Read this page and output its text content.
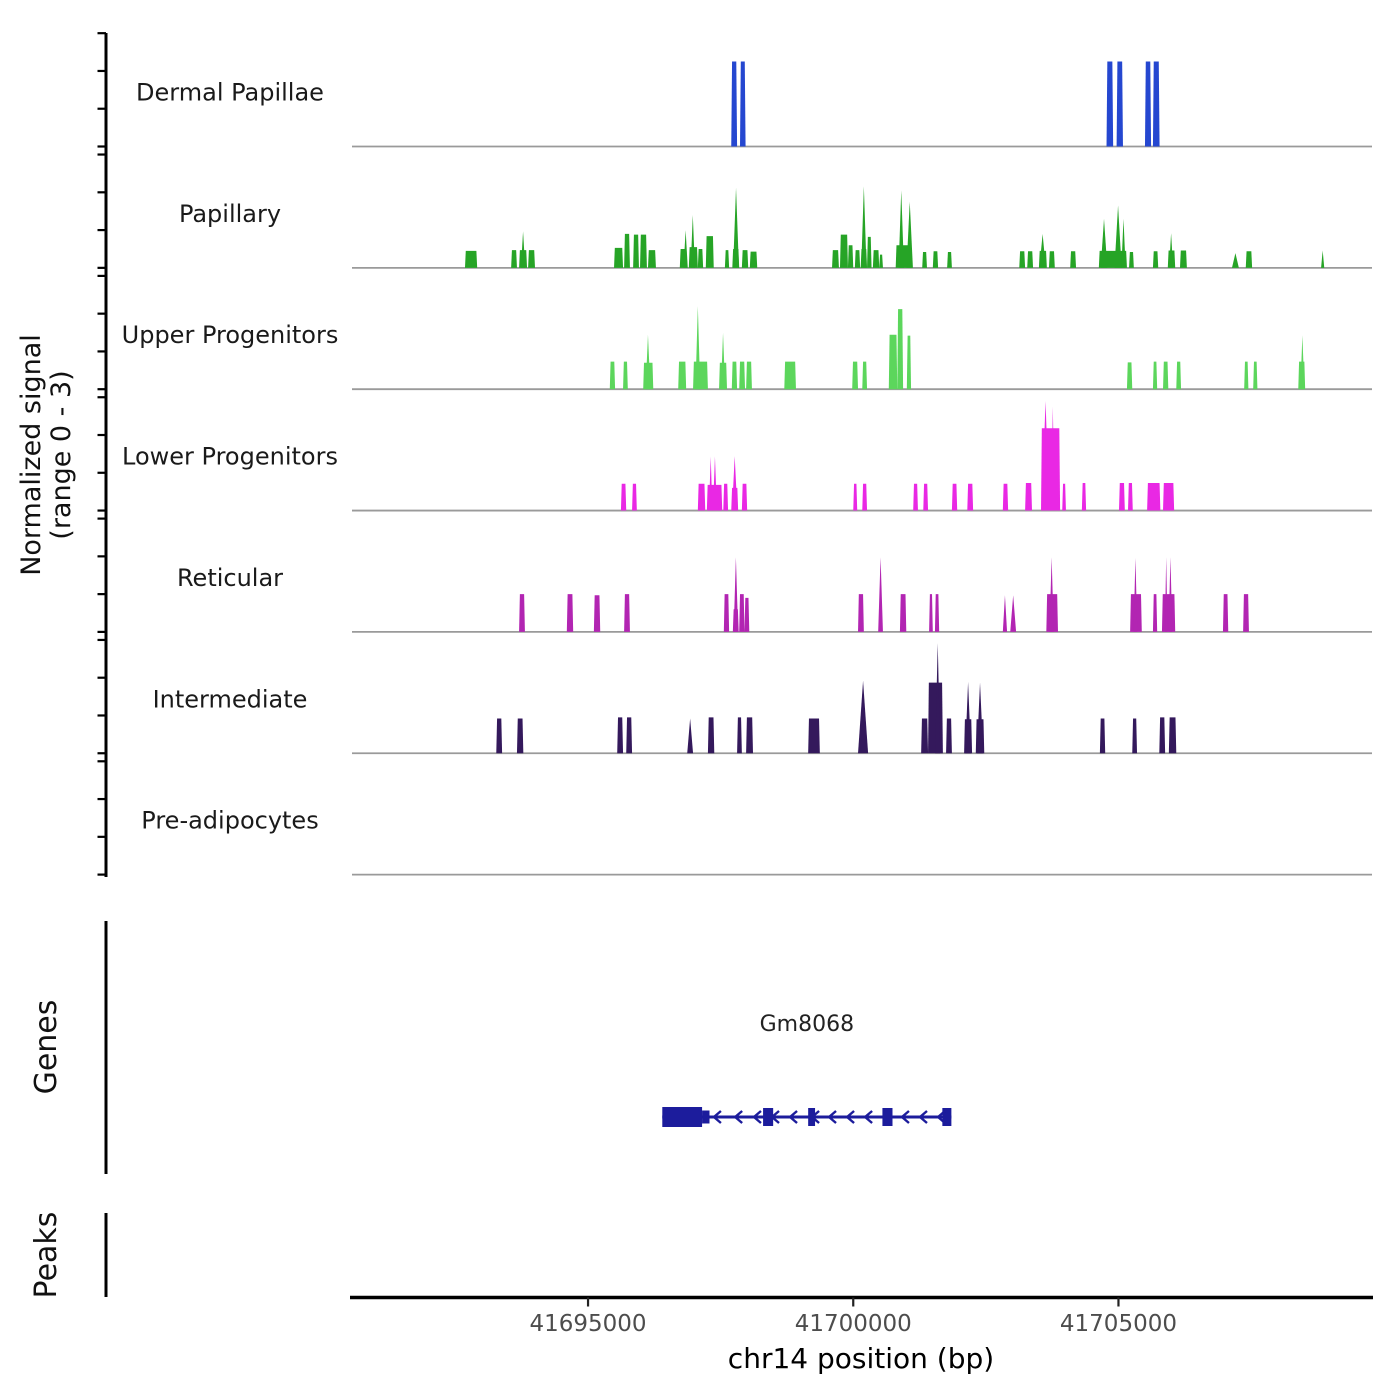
Dermal Papillae
Papillary
Upper Progenitors
Lower Progenitors
Reticular
Intermediate
Pre-adipocytes
Normalized signal (range 0 - 3)
Genes	Gm8068
Peaks
41695000	41700000	41705000
chr14 position (bp)
